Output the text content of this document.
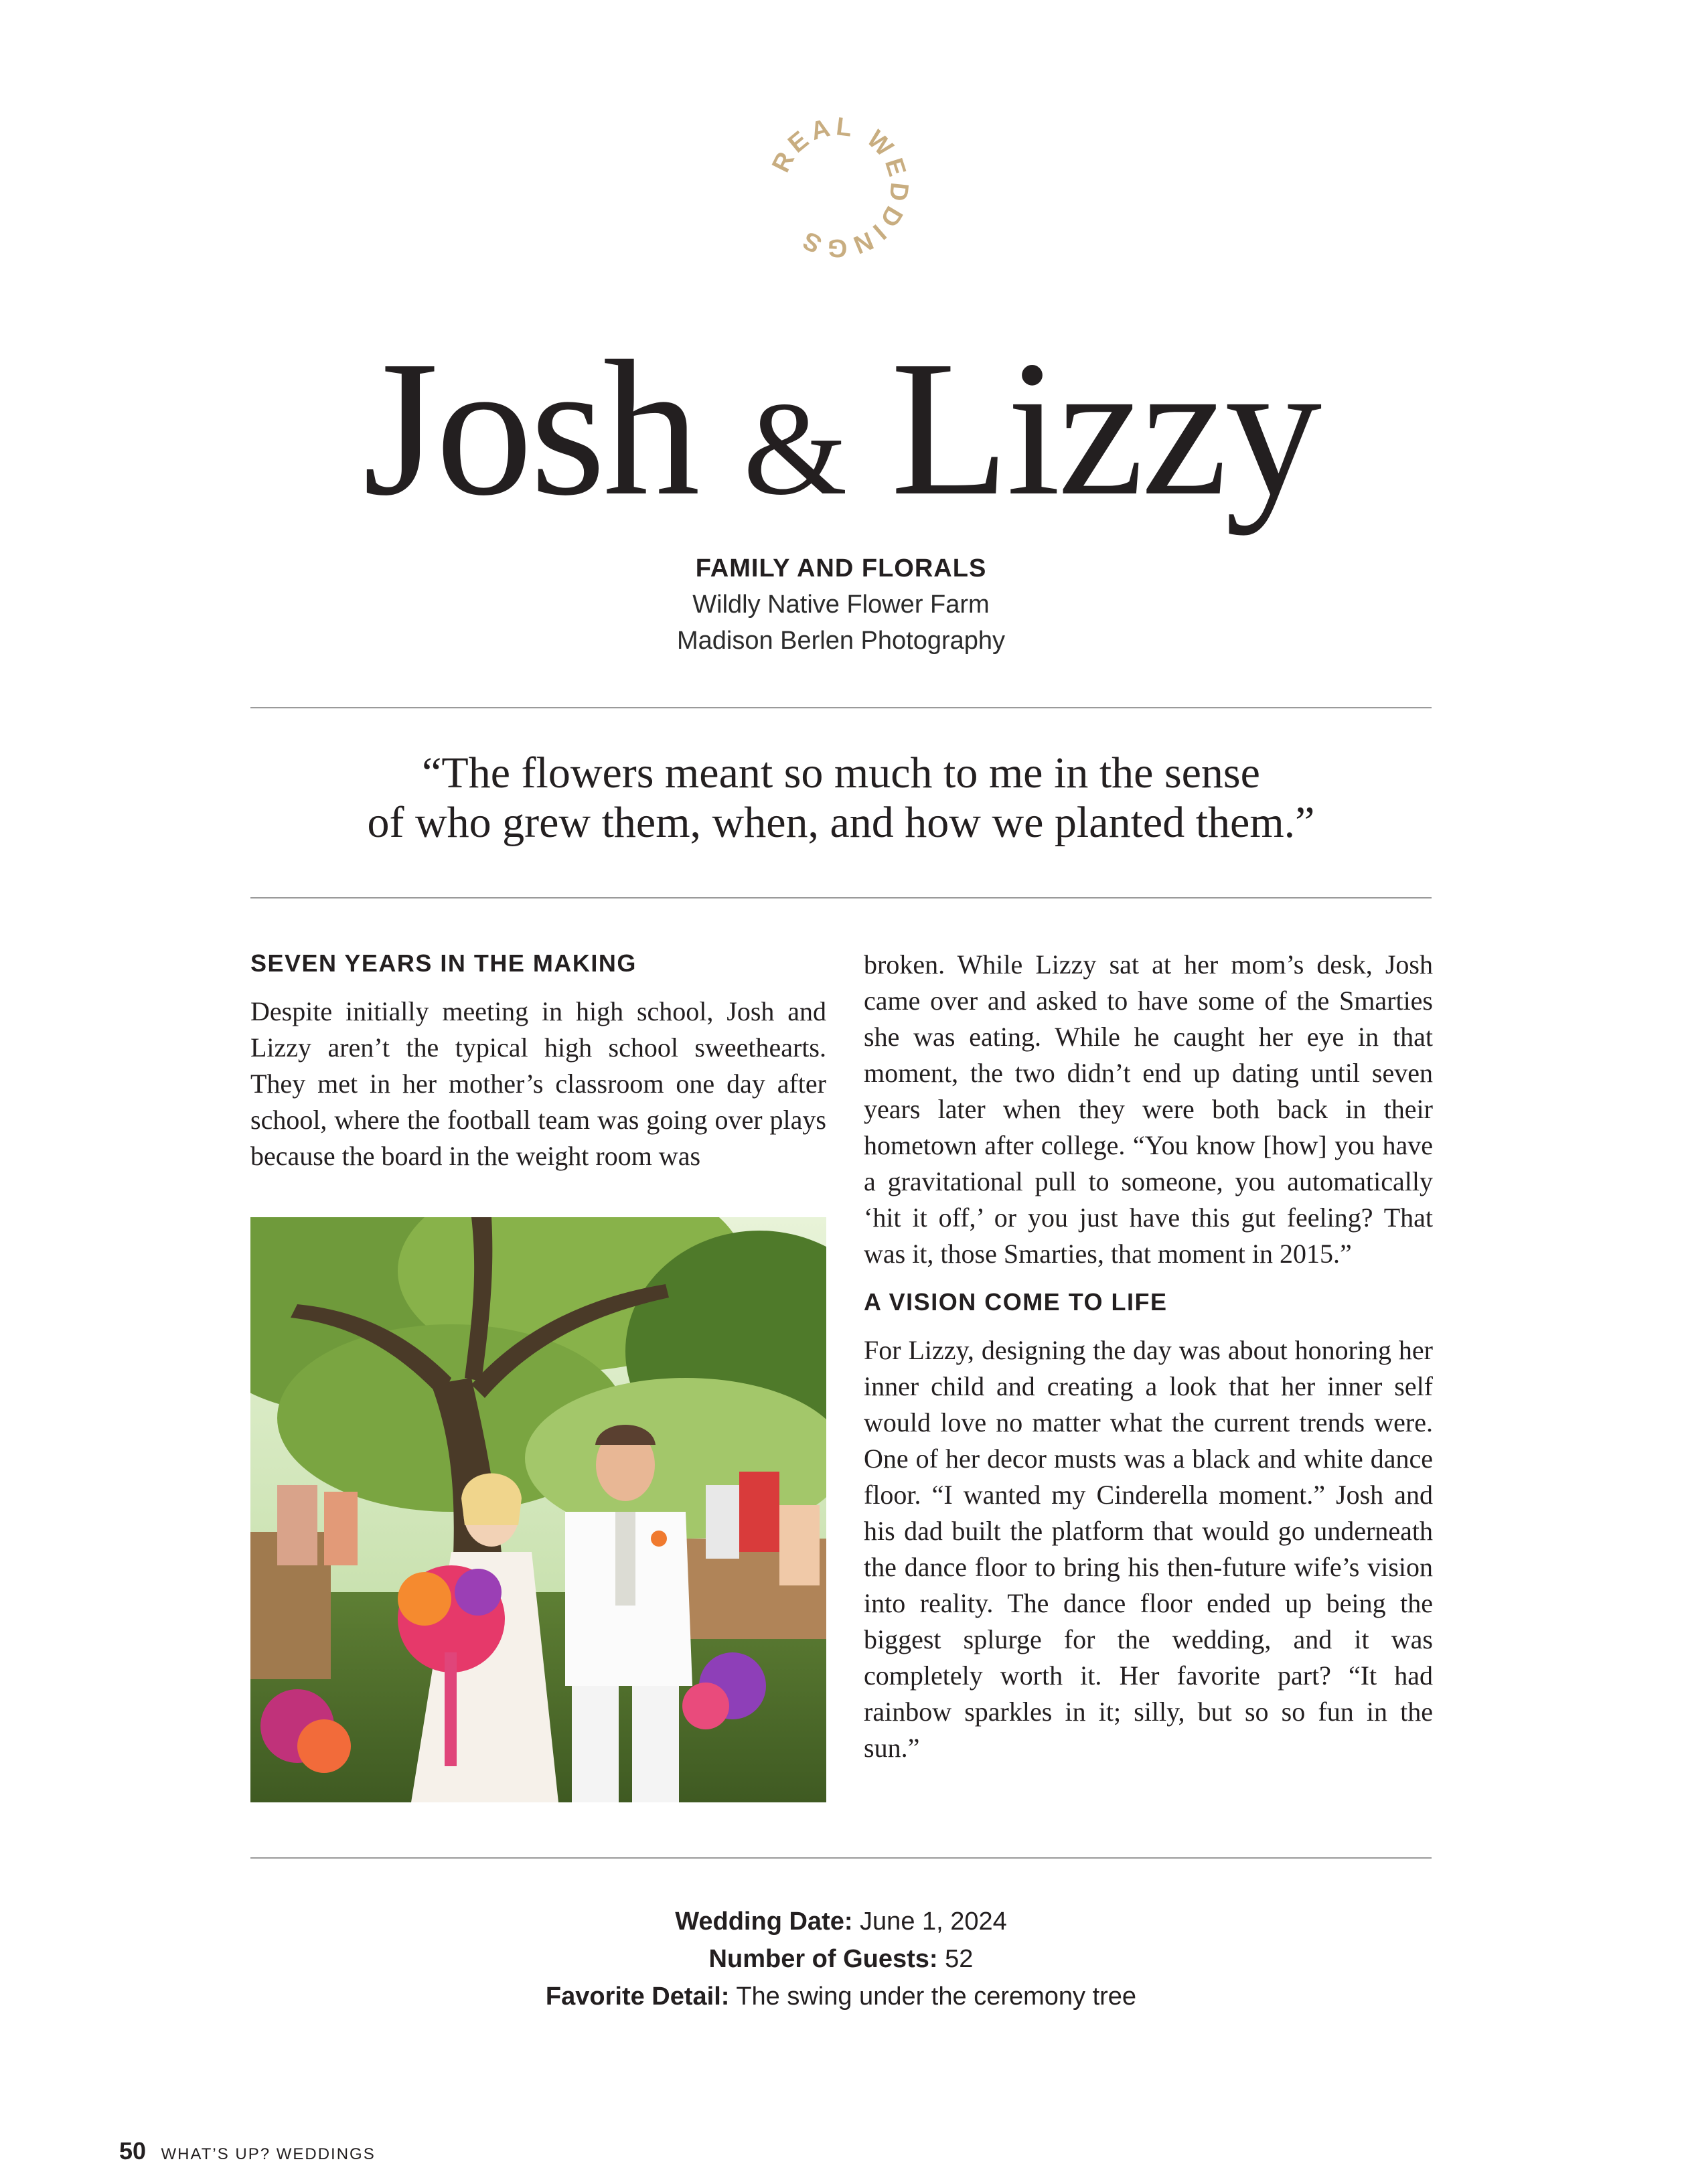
REAL WEDDINGS
Josh & Lizzy
FAMILY AND FLORALS
Wildly Native Flower Farm
Madison Berlen Photography
“The flowers meant so much to me in the sense
of who grew them, when, and how we planted them.”
SEVEN YEARS IN THE MAKING

Despite initially meeting in high school, Josh and Lizzy aren’t the typical high school sweethearts. They met in her mother’s classroom one day after school, where the football team was going over plays because the board in the weight room was

broken. While Lizzy sat at her mom’s desk, Josh came over and asked to have some of the Smarties she was eating. While he caught her eye in that moment, the two didn’t end up dating until seven years later when they were both back in their hometown after college. “You know [how] you have a gravitational pull to someone, you automatically ‘hit it off,’ or you just have this gut feeling? That was it, those Smarties, that moment in 2015.”

A VISION COME TO LIFE

For Lizzy, designing the day was about honoring her inner child and creating a look that her inner self would love no matter what the current trends were. One of her decor musts was a black and white dance floor. “I wanted my Cinderella moment.” Josh and his dad built the platform that would go underneath the dance floor to bring his then-future wife’s vision into reality. The dance floor ended up being the biggest splurge for the wedding, and it was completely worth it. Her favorite part? “It had rainbow sparkles in it; silly, but so so fun in the sun.”

Wedding Date: June 1, 2024
Number of Guests: 52
Favorite Detail: The swing under the ceremony tree
50 WHAT’S UP? WEDDINGS
